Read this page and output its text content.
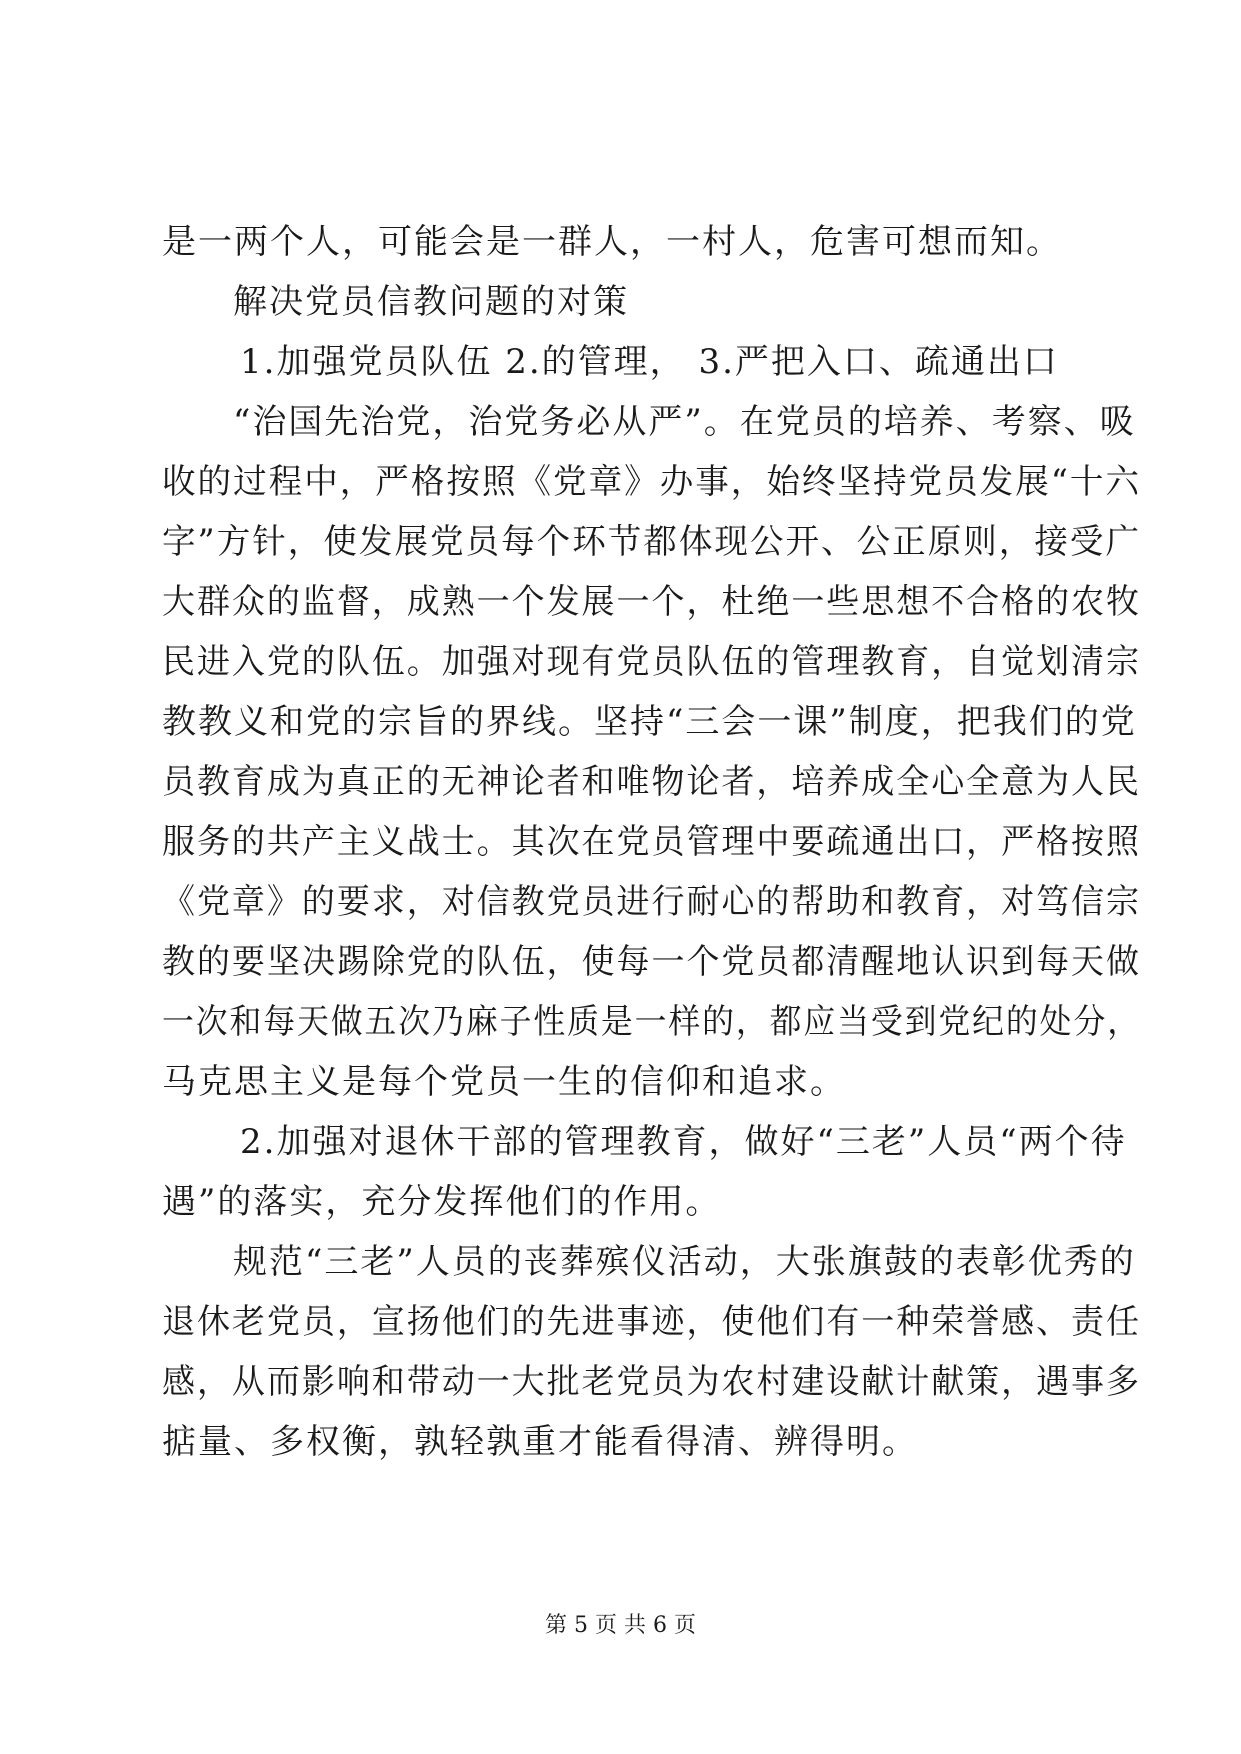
是一两个人，可能会是一群人，一村人，危害可想而知。
解决党员信教问题的对策
1.加强党员队伍 2.的管理， 3.严把入口、疏通出口
“治国先治党，治党务必从严”。在党员的培养、考察、吸
收的过程中，严格按照《党章》办事，始终坚持党员发展“十六
字”方针，使发展党员每个环节都体现公开、公正原则，接受广
大群众的监督，成熟一个发展一个，杜绝一些思想不合格的农牧
民进入党的队伍。加强对现有党员队伍的管理教育，自觉划清宗
教教义和党的宗旨的界线。坚持“三会一课”制度，把我们的党
员教育成为真正的无神论者和唯物论者，培养成全心全意为人民
服务的共产主义战士。其次在党员管理中要疏通出口，严格按照
《党章》的要求，对信教党员进行耐心的帮助和教育，对笃信宗
教的要坚决踢除党的队伍，使每一个党员都清醒地认识到每天做
一次和每天做五次乃麻子性质是一样的，都应当受到党纪的处分，
马克思主义是每个党员一生的信仰和追求。
2.加强对退休干部的管理教育，做好“三老”人员“两个待
遇”的落实，充分发挥他们的作用。
规范“三老”人员的丧葬殡仪活动，大张旗鼓的表彰优秀的
退休老党员，宣扬他们的先进事迹，使他们有一种荣誉感、责任
感，从而影响和带动一大批老党员为农村建设献计献策，遇事多
掂量、多权衡，孰轻孰重才能看得清、辨得明。
第 5 页 共 6 页
